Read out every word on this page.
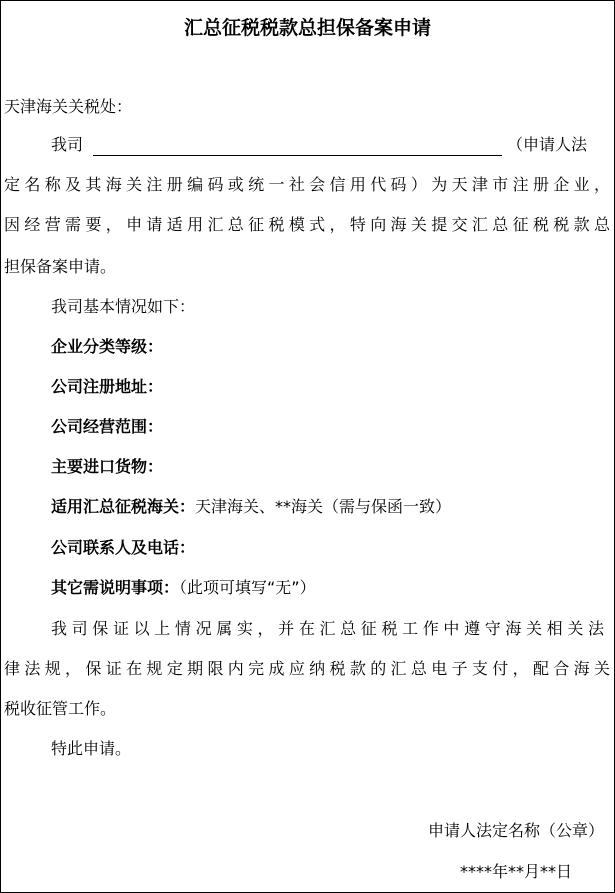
汇总征税税款总担保备案申请
天津海关关税处：
我司	（申请人法
定名称及其海关注册编码或统一社会信用代码）为天津市注册企业，
因经营需要，申请适用汇总征税模式，特向海关提交汇总征税税款总
担保备案申请。
我司基本情况如下：
企业分类等级：
公司注册地址：
公司经营范围：
主要进口货物：
适用汇总征税海关：天津海关、**海关（需与保函一致）
公司联系人及电话：
其它需说明事项：（此项可填写“无”）
我司保证以上情况属实，并在汇总征税工作中遵守海关相关法
律法规，保证在规定期限内完成应纳税款的汇总电子支付，配合海关
税收征管工作。
特此申请。
申请人法定名称（公章）
****年**月**日
